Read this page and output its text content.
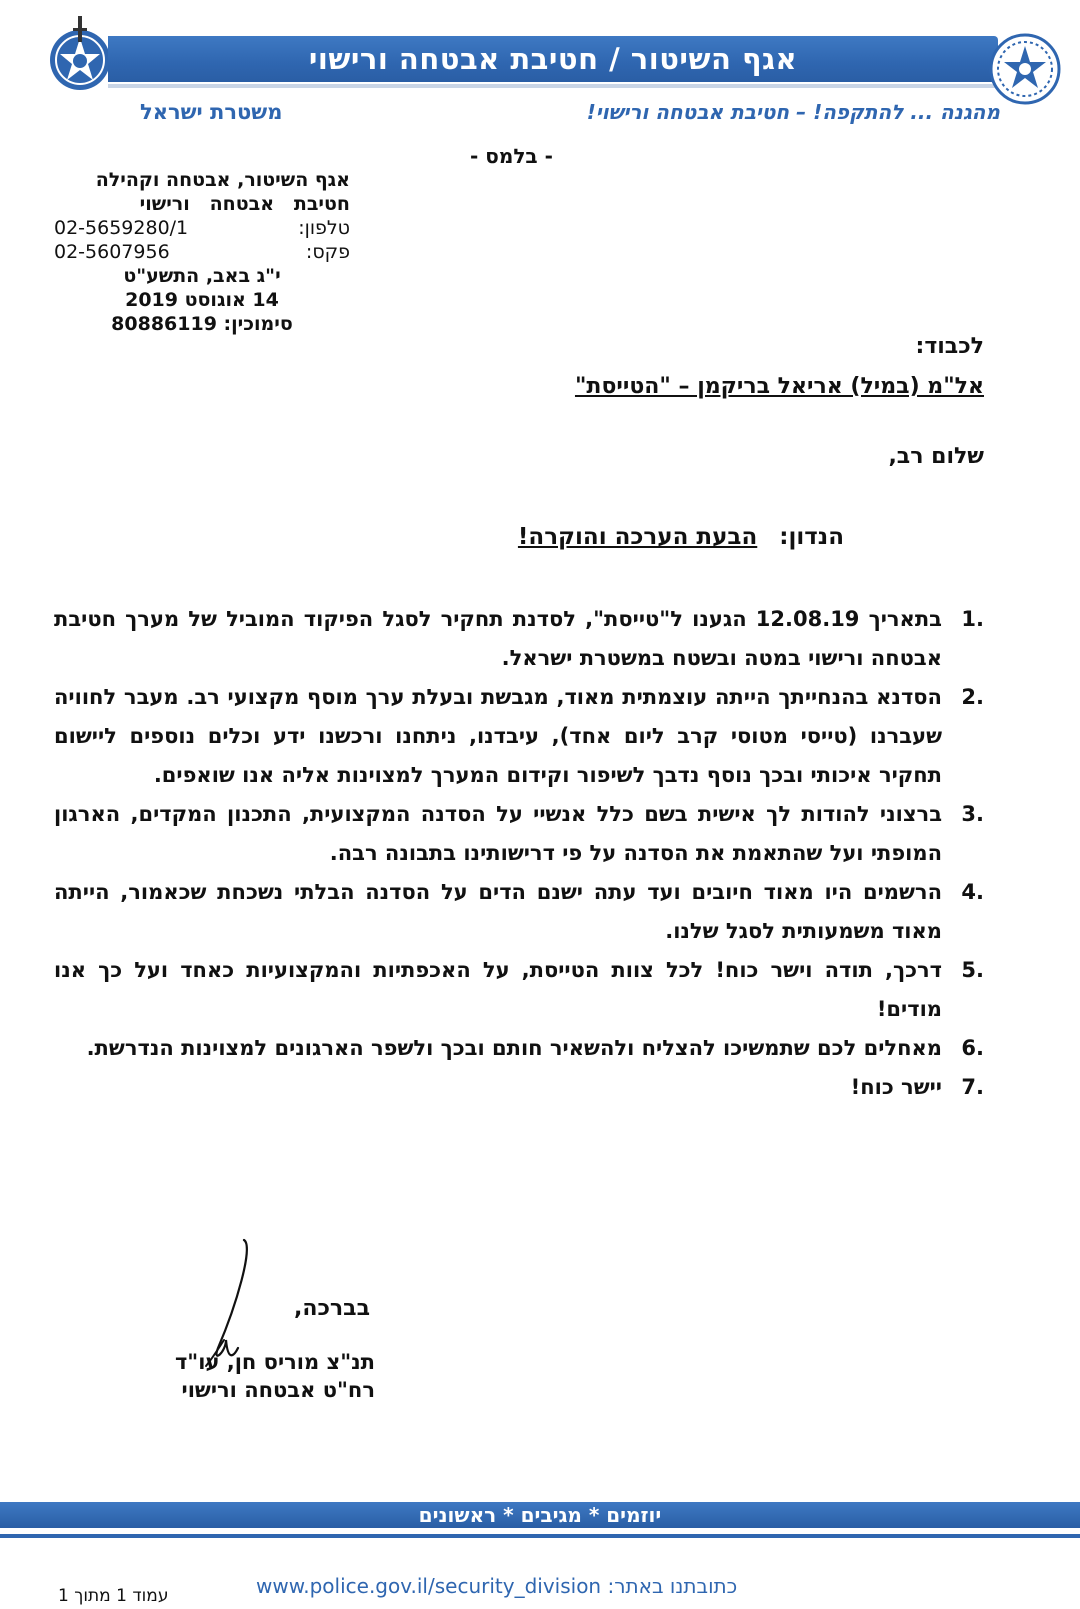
אגף השיטור / חטיבת אבטחה ורישוי
מהגנה ... להתקפה! – חטיבת אבטחה ורישוי!
משטרת ישראל
- בלמס -
אגף השיטור, אבטחה וקהילה
חטיבת   אבטחה   ורישוי
טלפון:
02-5659280/1
פקס:
02-5607956
י"ג באב, התשע"ט
14 אוגוסט 2019
סימוכין: 80886119
לכבוד:
אל"מ (במיל) אריאל בריקמן – "הטייסת"
שלום רב,
הנדון:הבעת הערכה והוקרה!
1.
בתאריך 12.08.19 הגענו ל"טייסת", לסדנת תחקיר לסגל הפיקוד המוביל של מערך חטיבת אבטחה ורישוי במטה ובשטח במשטרת ישראל.
2.
הסדנא בהנחייתך הייתה עוצמתית מאוד, מגבשת ובעלת ערך מוסף מקצועי רב. מעבר לחוויה שעברנו (טייסי מטוסי קרב ליום אחד), עיבדנו, ניתחנו ורכשנו ידע וכלים נוספים ליישום תחקיר איכותי ובכך נוסף נדבך לשיפור וקידום המערך למצוינות אליה אנו שואפים.
3.
ברצוני להודות לך אישית בשם כלל אנשיי על הסדנה המקצועית, התכנון המקדים, הארגון המופתי ועל שהתאמת את הסדנה על פי דרישותינו בתבונה רבה.
4.
הרשמים היו מאוד חיובים ועד עתה ישנם הדים על הסדנה הבלתי נשכחת שכאמור, הייתה מאוד משמעותית לסגל שלנו.
5.
דרכך, תודה וישר כוח! לכל צוות הטייסת, על האכפתיות והמקצועיות כאחד ועל כך אנו מודים!
6.
מאחלים לכם שתמשיכו להצליח ולהשאיר חותם ובכך ולשפר הארגונים למצוינות הנדרשת.
7.
יישר כוח!
בברכה,
תנ"צ מוריס חן, עו"ד
רח"ט אבטחה ורישוי
יוזמים * מגיבים * ראשונים
כתובתנו באתר: www.police.gov.il/security_division
עמוד 1 מתוך 1
